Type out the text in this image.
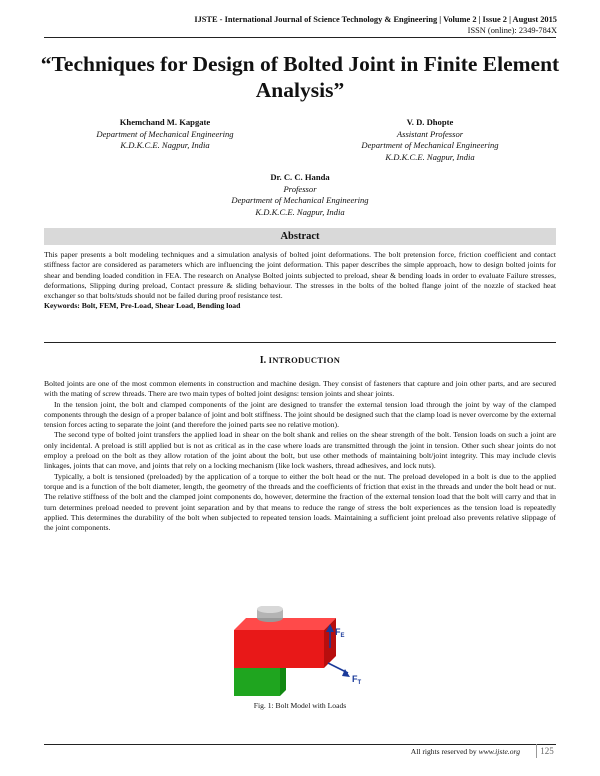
IJSTE - International Journal of Science Technology & Engineering | Volume 2 | Issue 2 | August 2015
ISSN (online): 2349-784X
“Techniques for Design of Bolted Joint in Finite Element Analysis”
Khemchand M. Kapgate
Department of Mechanical Engineering
K.D.K.C.E. Nagpur, India
V. D. Dhopte
Assistant Professor
Department of Mechanical Engineering
K.D.K.C.E. Nagpur, India
Dr. C. C. Handa
Professor
Department of Mechanical Engineering
K.D.K.C.E. Nagpur, India
Abstract

This paper presents a bolt modeling techniques and a simulation analysis of bolted joint deformations. The bolt pretension force, friction coefficient and contact stiffness factor are considered as parameters which are influencing the joint deformation. This paper describes the simple approach, how to design bolted joints for shear and bending loaded condition in FEA. The research on Analyse Bolted joints subjected to preload, shear & bending loads in order to evaluate Failure stresses, deformations, Slipping during preload, Contact pressure & sliding behaviour. The stresses in the bolts of the bolted flange joint of the nozzle of stacked heat exchanger so that bolts/studs should not be failed during proof resistance test.

Keywords: Bolt, FEM, Pre-Load, Shear Load, Bending load

I. INTRODUCTION

Bolted joints are one of the most common elements in construction and machine design. They consist of fasteners that capture and join other parts, and are secured with the mating of screw threads. There are two main types of bolted joint designs: tension joints and shear joints.

In the tension joint, the bolt and clamped components of the joint are designed to transfer the external tension load through the joint by way of the clamped components through the design of a proper balance of joint and bolt stiffness. The joint should be designed such that the clamp load is never overcome by the external tension forces acting to separate the joint (and therefore the joined parts see no relative motion).

The second type of bolted joint transfers the applied load in shear on the bolt shank and relies on the shear strength of the bolt. Tension loads on such a joint are only incidental. A preload is still applied but is not as critical as in the case where loads are transmitted through the joint in tension. Other such shear joints do not employ a preload on the bolt as they allow rotation of the joint about the bolt, but use other methods of maintaining bolt/joint integrity. This may include clevis linkages, joints that can move, and joints that rely on a locking mechanism (like lock washers, thread adhesives, and lock nuts).

Typically, a bolt is tensioned (preloaded) by the application of a torque to either the bolt head or the nut. The preload developed in a bolt is due to the applied torque and is a function of the bolt diameter, length, the geometry of the threads and the coefficients of friction that exist in the threads and under the bolt head or nut. The relative stiffness of the bolt and the clamped joint components do, however, determine the fraction of the external tension load that the bolt will carry and that in turn determines preload needed to prevent joint separation and by that means to reduce the range of stress the bolt experiences as the tension load is repeatedly applied. This determines the durability of the bolt when subjected to repeated tension loads. Maintaining a sufficient joint preload also prevents relative slippage of the joint components.

$F_E$
$F_T$
Fig. 1: Bolt Model with Loads
All rights reserved by www.ijste.org	125
